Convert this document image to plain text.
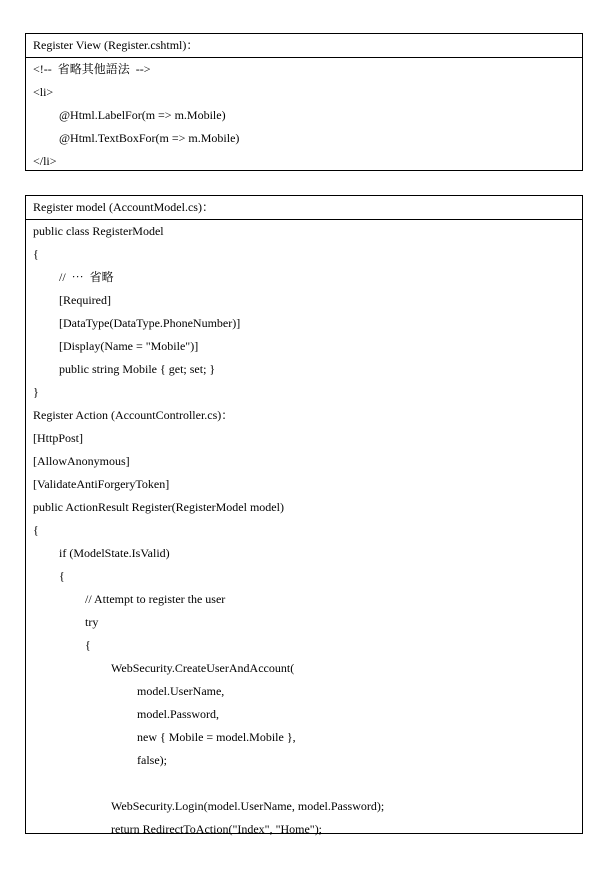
Register View (Register.cshtml)：
<!--  省略其他語法  -->
<li>
@Html.LabelFor(m => m.Mobile)
@Html.TextBoxFor(m => m.Mobile)
</li>
Register model (AccountModel.cs)：
public class RegisterModel
{
//  ⋯  省略
[Required]
[DataType(DataType.PhoneNumber)]
[Display(Name = "Mobile")]
public string Mobile { get; set; }
}
Register Action (AccountController.cs)：
[HttpPost]
[AllowAnonymous]
[ValidateAntiForgeryToken]
public ActionResult Register(RegisterModel model)
{
if (ModelState.IsValid)
{
// Attempt to register the user
try
{
WebSecurity.CreateUserAndAccount(
model.UserName,
model.Password,
new { Mobile = model.Mobile },
false);
WebSecurity.Login(model.UserName, model.Password);
return RedirectToAction("Index", "Home");
